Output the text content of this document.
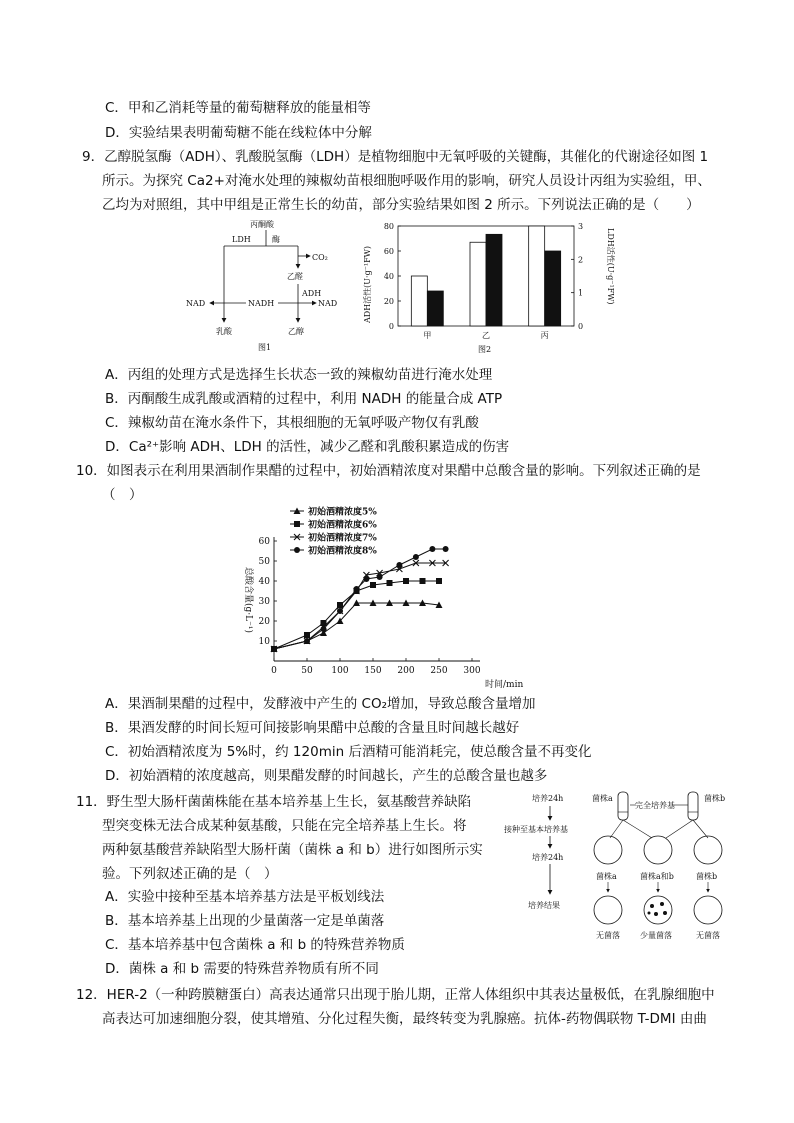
C．甲和乙消耗等量的葡萄糖释放的能量相等
D．实验结果表明葡萄糖不能在线粒体中分解
9．乙醇脱氢酶（ADH）、乳酸脱氢酶（LDH）是植物细胞中无氧呼吸的关键酶，其催化的代谢途径如图 1
所示。为探究 Ca2+对淹水处理的辣椒幼苗根细胞呼吸作用的影响，研究人员设计丙组为实验组，甲、
乙均为对照组，其中甲组是正常生长的幼苗，部分实验结果如图 2 所示。下列说法正确的是（　　）
丙酮酸
LDH	酶
CO₂
乙醛
ADH
NAD	NADH	NAD
乳酸	乙醇
图1
ADH活性(U·g⁻¹FW)	LDH活性(U·g⁻¹FW)
图2
0
20
40
60
80
0
1
2
3
甲	乙	丙
A．丙组的处理方式是选择生长状态一致的辣椒幼苗进行淹水处理
B．丙酮酸生成乳酸或酒精的过程中，利用 NADH 的能量合成 ATP
C．辣椒幼苗在淹水条件下，其根细胞的无氧呼吸产物仅有乳酸
D．Ca²⁺影响 ADH、LDH 的活性，减少乙醛和乳酸积累造成的伤害
10．如图表示在利用果酒制作果醋的过程中，初始酒精浓度对果醋中总酸含量的影响。下列叙述正确的是
（　）
总酸含量(g·L⁻¹)
时间/min
0	50 100 150 200 250 300
10
20
30
40
50
60
初始酒精浓度5%
初始酒精浓度6%
初始酒精浓度7%
初始酒精浓度8%
A．果酒制果醋的过程中，发酵液中产生的 CO₂增加，导致总酸含量增加
B．果酒发酵的时间长短可间接影响果醋中总酸的含量且时间越长越好
C．初始酒精浓度为 5%时，约 120min 后酒精可能消耗完，使总酸含量不再变化
D．初始酒精的浓度越高，则果醋发酵的时间越长，产生的总酸含量也越多
11．野生型大肠杆菌菌株能在基本培养基上生长，氨基酸营养缺陷
型突变株无法合成某种氨基酸，只能在完全培养基上生长。将
两种氨基酸营养缺陷型大肠杆菌（菌株 a 和 b）进行如图所示实
验。下列叙述正确的是（　）
A．实验中接种至基本培养基方法是平板划线法
B．基本培养基上出现的少量菌落一定是单菌落
C．基本培养基中包含菌株 a 和 b 的特殊营养物质
D．菌株 a 和 b 需要的特殊营养物质有所不同
培养24h	菌株a
完全培养基
菌株b
接种至基本培养基
培养24h
菌株a	菌株a和b	菌株b
培养结果
无菌落	少量菌落	无菌落
12．HER-2（一种跨膜糖蛋白）高表达通常只出现于胎儿期，正常人体组织中其表达量极低，在乳腺细胞中
高表达可加速细胞分裂，使其增殖、分化过程失衡，最终转变为乳腺癌。抗体-药物偶联物 T-DMI 由曲
